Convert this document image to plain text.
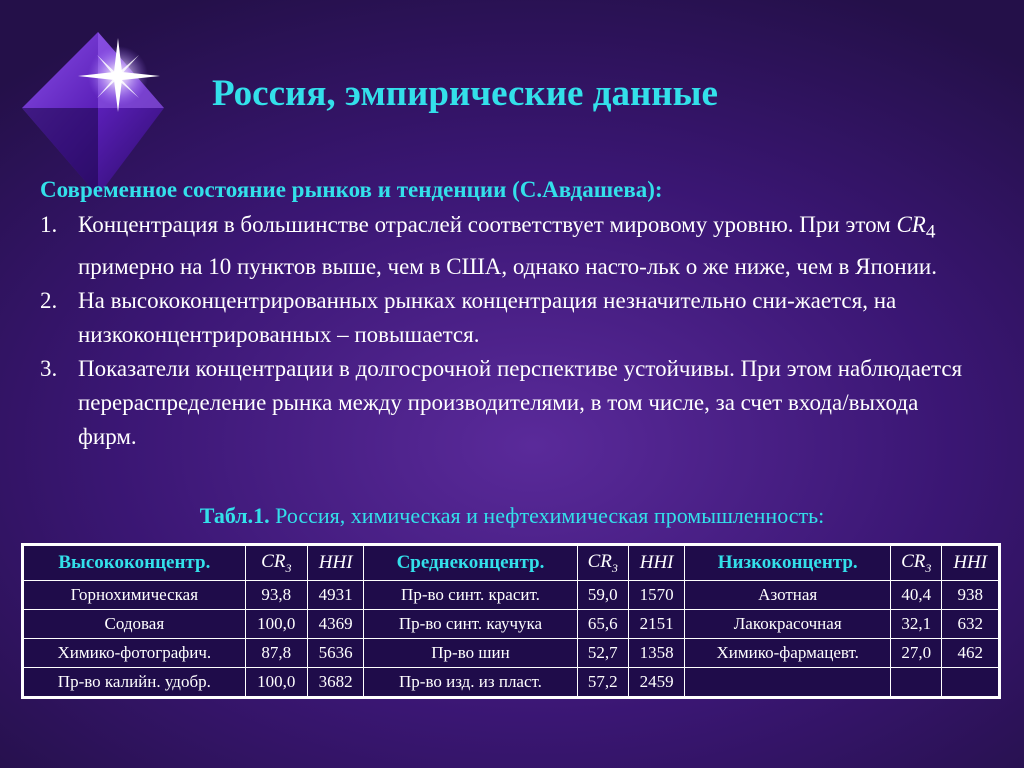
Россия, эмпирические данные
Современное состояние рынков и тенденции (С.Авдашева):
1. Концентрация в большинстве отраслей соответствует мировому уровню. При этом $CR_4$ примерно на 10 пунктов выше, чем в США, однако насто-льк о же ниже, чем в Японии.
2. На высококонцентрированных рынках концентрация незначительно сни-жается, на низкоконцентрированных – повышается.
3. Показатели концентрации в долгосрочной перспективе устойчивы. При этом наблюдается перераспределение рынка между производителями, в том числе, за счет входа/выхода фирм.
Табл.1. Россия, химическая и нефтехимическая промышленность:
Высококонцентр.	$CR_3$	HHI	Среднеконцентр.	$CR_3$	HHI	Низкоконцентр.	$CR_3$	HHI
Горнохимическая	93,8	4931	Пр-во синт. красит.	59,0	1570	Азотная	40,4	938
Содовая	100,0	4369	Пр-во синт. каучука	65,6	2151	Лакокрасочная	32,1	632
Химико-фотографич.	87,8	5636	Пр-во шин	52,7	1358	Химико-фармацевт.	27,0	462
Пр-во калийн. удобр.	100,0	3682	Пр-во изд. из пласт.	57,2	2459			
